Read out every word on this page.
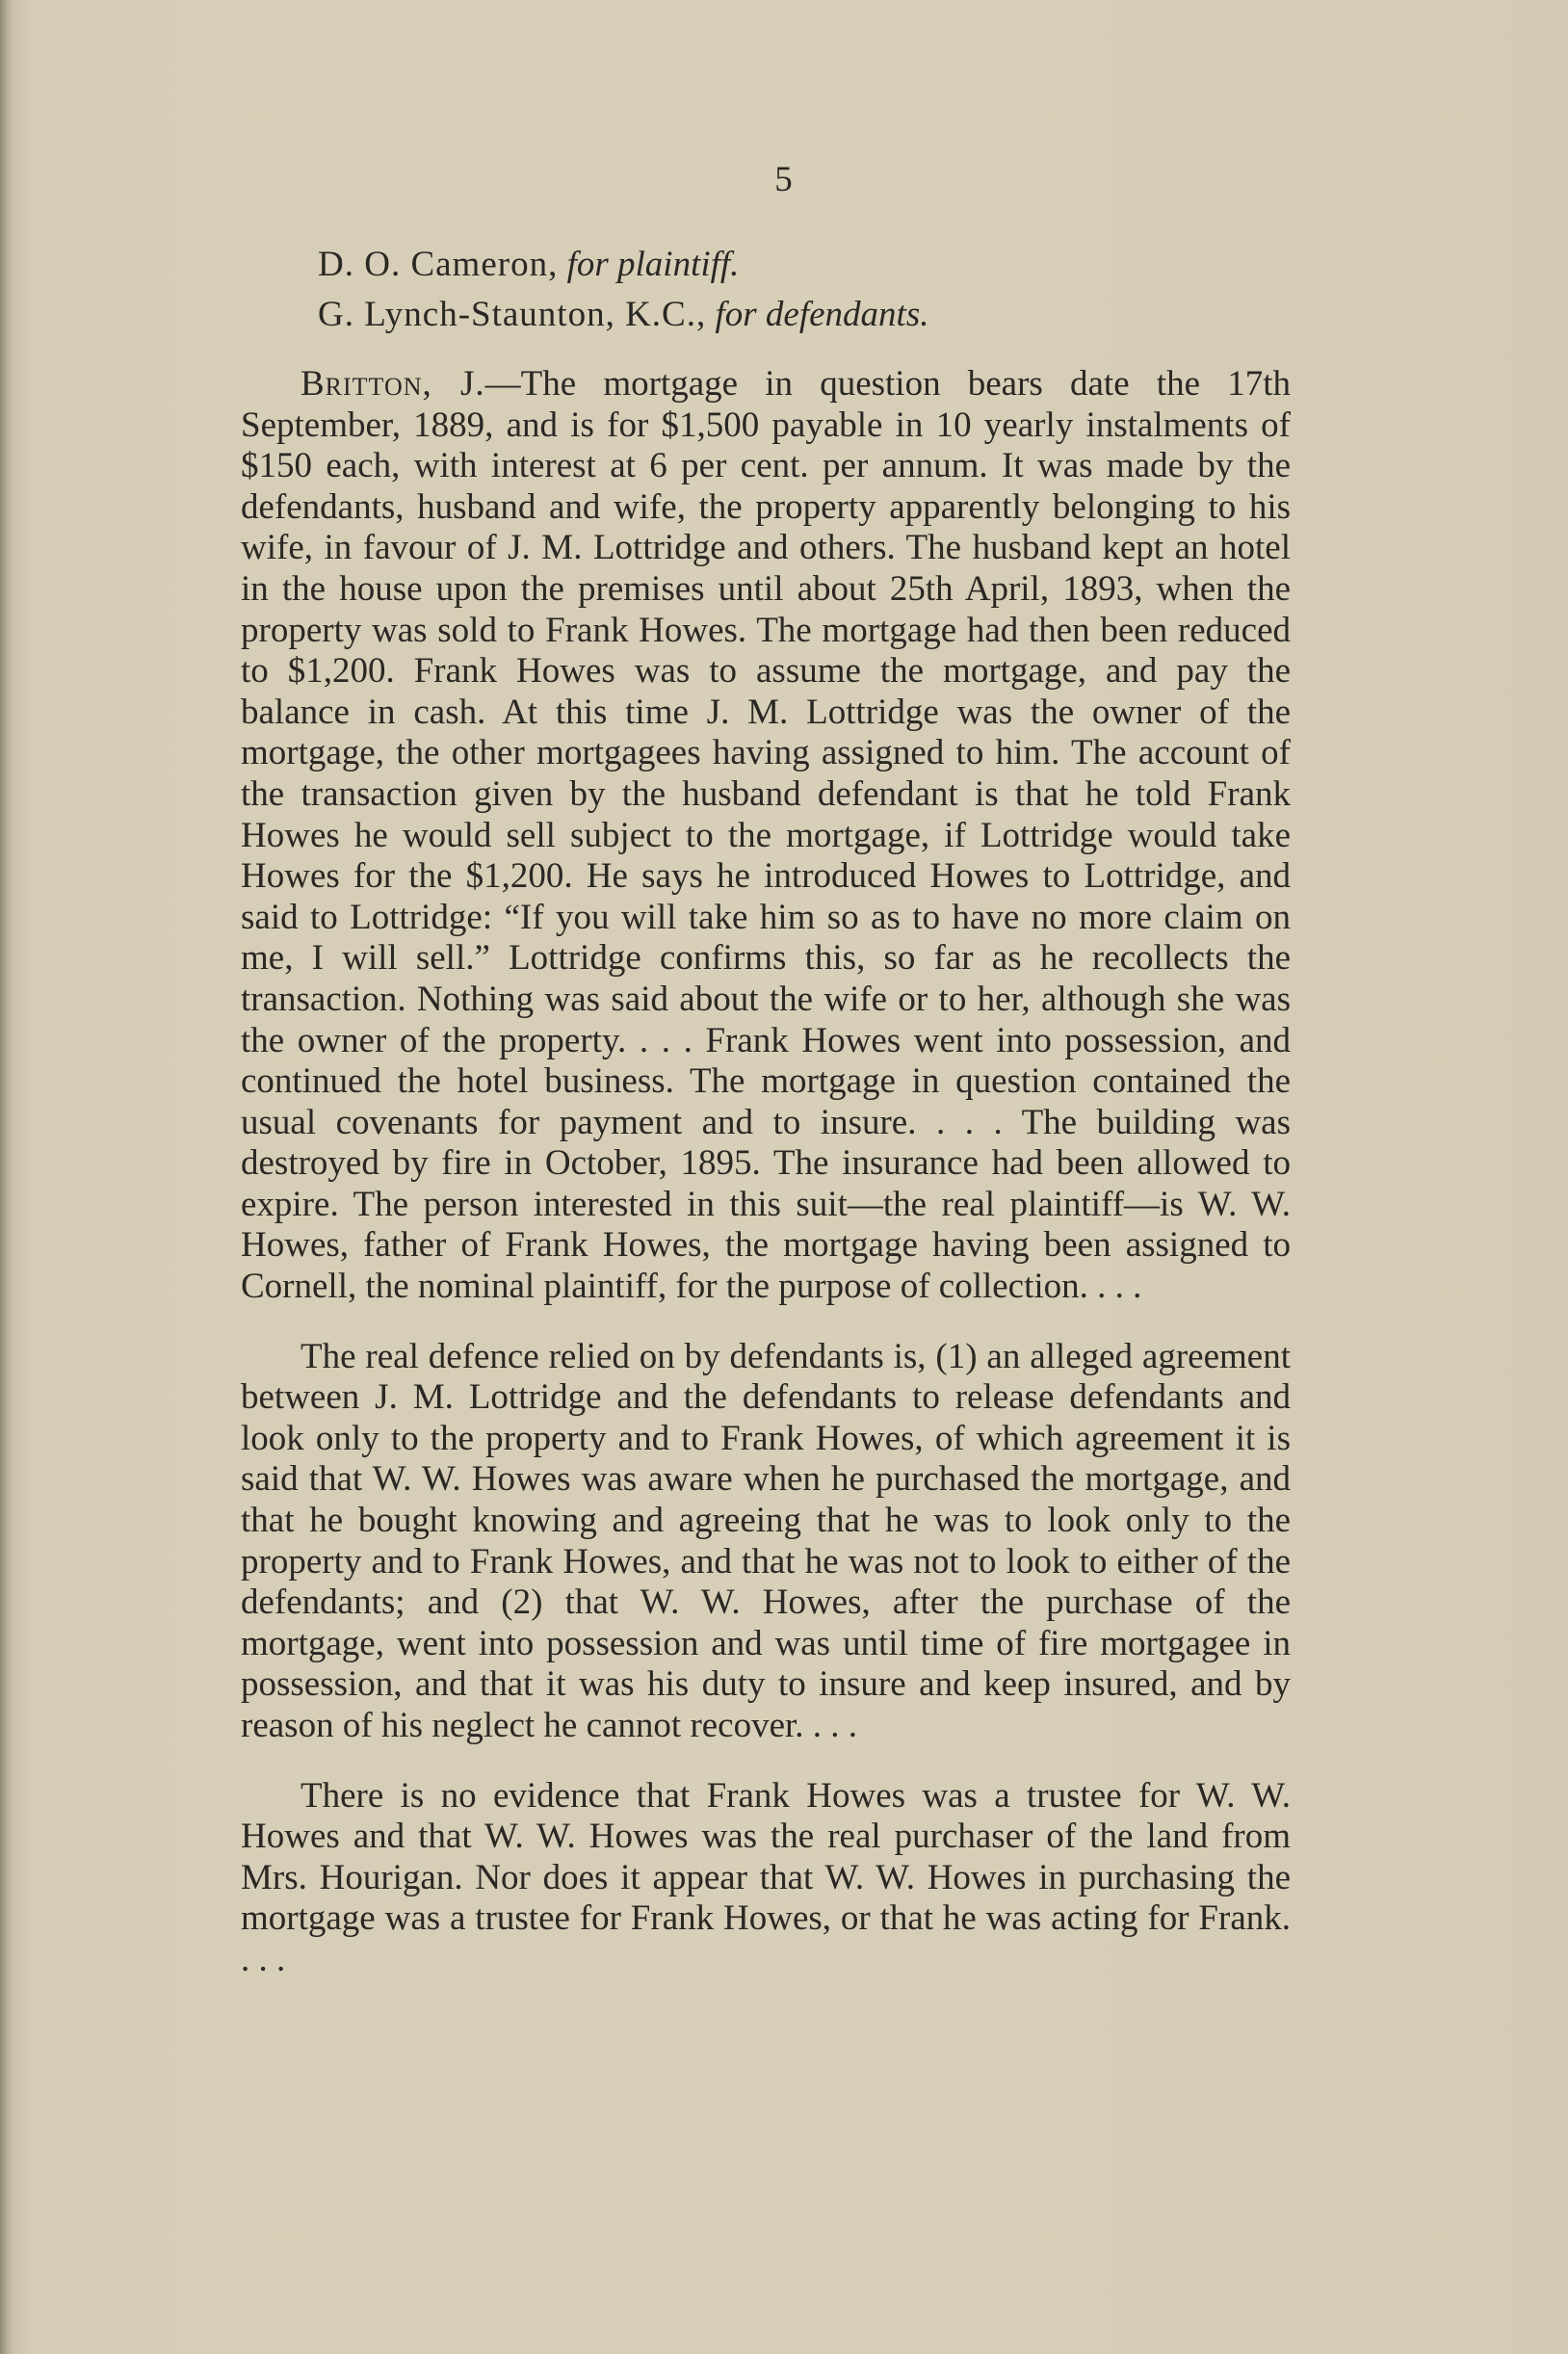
5
D. O. Cameron, for plaintiff.
G. Lynch-Staunton, K.C., for defendants.

Britton, J.—The mortgage in question bears date the 17th September, 1889, and is for $1,500 payable in 10 yearly instalments of $150 each, with interest at 6 per cent. per annum. It was made by the defendants, husband and wife, the property apparently belonging to his wife, in favour of J. M. Lottridge and others. The husband kept an hotel in the house upon the premises until about 25th April, 1893, when the property was sold to Frank Howes. The mortgage had then been reduced to $1,200. Frank Howes was to assume the mortgage, and pay the balance in cash. At this time J. M. Lottridge was the owner of the mortgage, the other mortgagees having assigned to him. The account of the transaction given by the husband defendant is that he told Frank Howes he would sell subject to the mortgage, if Lottridge would take Howes for the $1,200. He says he introduced Howes to Lottridge, and said to Lottridge: “If you will take him so as to have no more claim on me, I will sell.” Lottridge confirms this, so far as he recollects the transaction. Nothing was said about the wife or to her, although she was the owner of the property. . . . Frank Howes went into possession, and continued the hotel business. The mortgage in question contained the usual covenants for payment and to insure. . . . The building was destroyed by fire in October, 1895. The insurance had been allowed to expire. The person interested in this suit—the real plaintiff—is W. W. Howes, father of Frank Howes, the mortgage having been assigned to Cornell, the nominal plaintiff, for the purpose of collection. . . .

The real defence relied on by defendants is, (1) an alleged agreement between J. M. Lottridge and the defendants to release defendants and look only to the property and to Frank Howes, of which agreement it is said that W. W. Howes was aware when he purchased the mortgage, and that he bought knowing and agreeing that he was to look only to the property and to Frank Howes, and that he was not to look to either of the defendants; and (2) that W. W. Howes, after the purchase of the mortgage, went into possession and was until time of fire mortgagee in possession, and that it was his duty to insure and keep insured, and by reason of his neglect he cannot recover. . . .

There is no evidence that Frank Howes was a trustee for W. W. Howes and that W. W. Howes was the real purchaser of the land from Mrs. Hourigan. Nor does it appear that W. W. Howes in purchasing the mortgage was a trustee for Frank Howes, or that he was acting for Frank. . . .
